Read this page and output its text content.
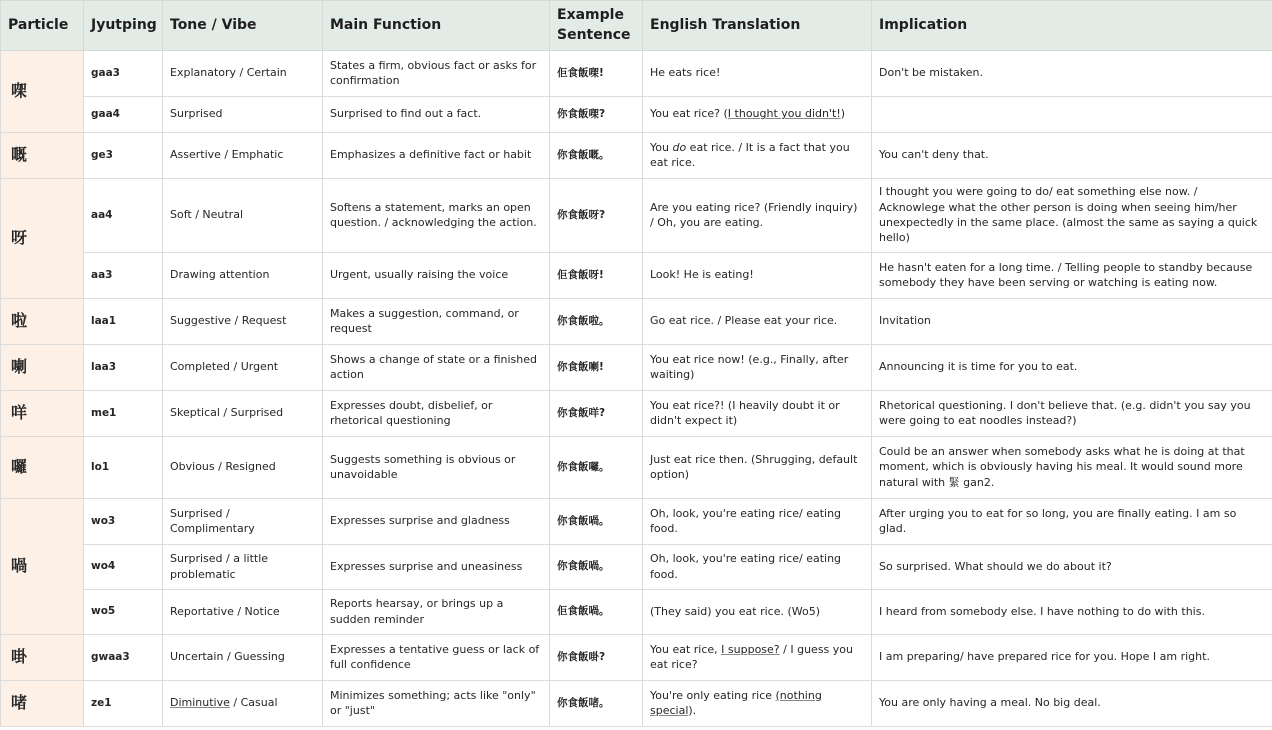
Particle	Jyutping	Tone / Vibe	Main Function	Example Sentence	English Translation	Implication
㗎	gaa3	Explanatory / Certain	States a firm, obvious fact or asks for confirmation	佢食飯㗎!	He eats rice!	Don't be mistaken.
	gaa4	Surprised	Surprised to find out a fact.	你食飯㗎?	You eat rice? (I thought you didn't!)	
嘅	ge3	Assertive / Emphatic	Emphasizes a definitive fact or habit	你食飯嘅。	You do eat rice. / It is a fact that you eat rice.	You can't deny that.
呀	aa4	Soft / Neutral	Softens a statement, marks an open question. / acknowledging the action.	你食飯呀?	Are you eating rice? (Friendly inquiry) / Oh, you are eating.	I thought you were going to do/ eat something else now. / Acknowlege what the other person is doing when seeing him/her unexpectedly in the same place. (almost the same as saying a quick hello)
	aa3	Drawing attention	Urgent, usually raising the voice	佢食飯呀!	Look! He is eating!	He hasn't eaten for a long time. / Telling people to standby because somebody they have been serving or watching is eating now.
啦	laa1	Suggestive / Request	Makes a suggestion, command, or request	你食飯啦。	Go eat rice. / Please eat your rice.	Invitation
喇	laa3	Completed / Urgent	Shows a change of state or a finished action	你食飯喇!	You eat rice now! (e.g., Finally, after waiting)	Announcing it is time for you to eat.
咩	me1	Skeptical / Surprised	Expresses doubt, disbelief, or rhetorical questioning	你食飯咩?	You eat rice?! (I heavily doubt it or didn't expect it)	Rhetorical questioning. I don't believe that. (e.g. didn't you say you were going to eat noodles instead?)
囉	lo1	Obvious / Resigned	Suggests something is obvious or unavoidable	你食飯囉。	Just eat rice then. (Shrugging, default option)	Could be an answer when somebody asks what he is doing at that moment, which is obviously having his meal. It would sound more natural with 緊 gan2.
喎	wo3	Surprised / Complimentary	Expresses surprise and gladness	你食飯喎。	Oh, look, you're eating rice/ eating food.	After urging you to eat for so long, you are finally eating. I am so glad.
	wo4	Surprised / a little problematic	Expresses surprise and uneasiness	你食飯喎。	Oh, look, you're eating rice/ eating food.	So surprised. What should we do about it?
	wo5	Reportative / Notice	Reports hearsay, or brings up a sudden reminder	佢食飯喎。	(They said) you eat rice. (Wo5)	I heard from somebody else. I have nothing to do with this.
啩	gwaa3	Uncertain / Guessing	Expresses a tentative guess or lack of full confidence	你食飯啩?	You eat rice, I suppose? / I guess you eat rice?	I am preparing/ have prepared rice for you. Hope I am right.
啫	ze1	Diminutive / Casual	Minimizes something; acts like "only" or "just"	你食飯啫。	You're only eating rice (nothing special).	You are only having a meal. No big deal.
